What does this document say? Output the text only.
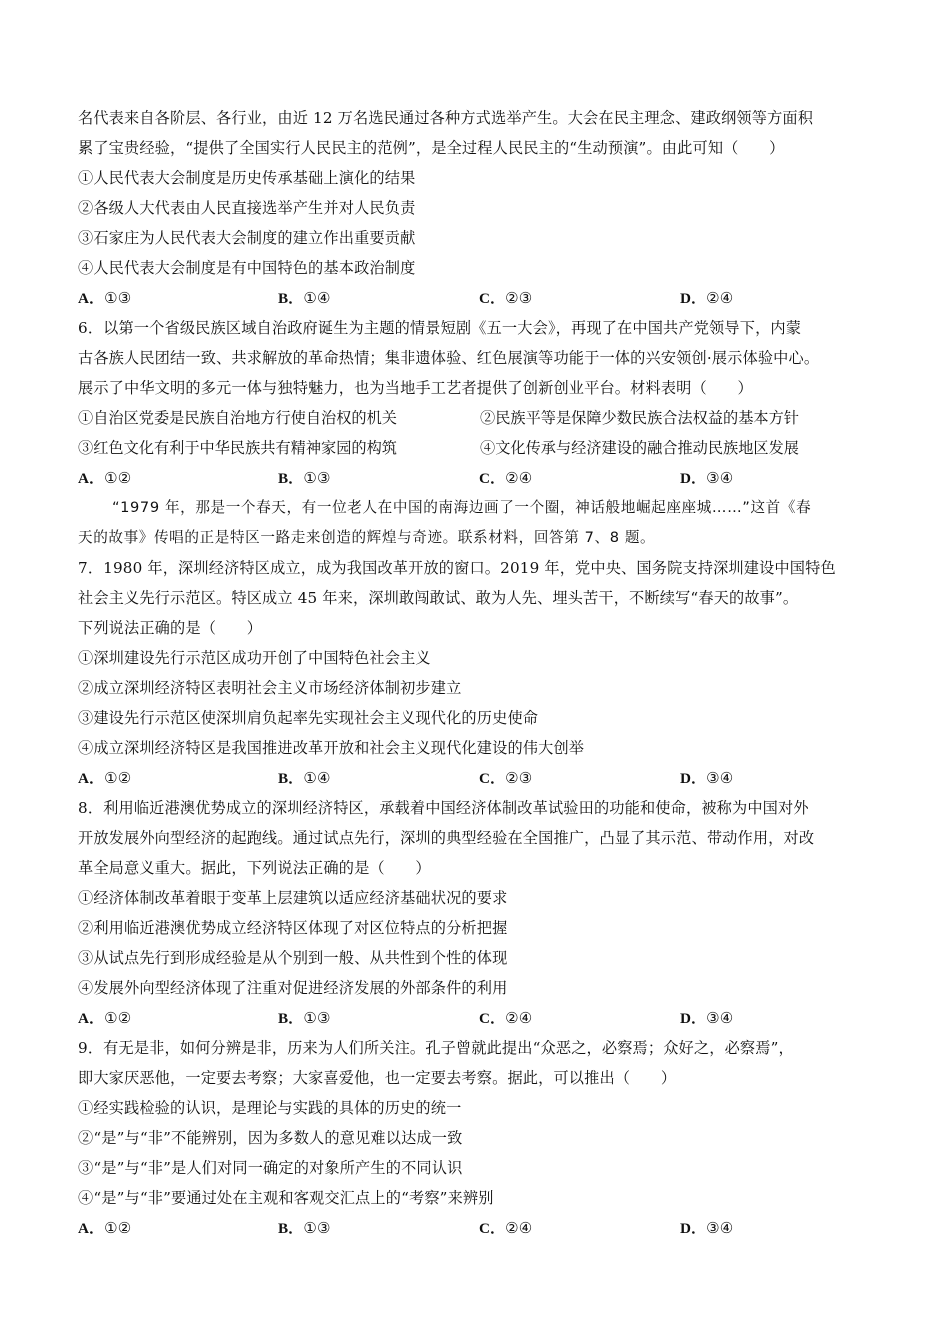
名代表来自各阶层、各行业，由近 12 万名选民通过各种方式选举产生。大会在民主理念、建政纲领等方面积
累了宝贵经验，“提供了全国实行人民民主的范例”，是全过程人民民主的“生动预演”。由此可知（　　）
①人民代表大会制度是历史传承基础上演化的结果
②各级人大代表由人民直接选举产生并对人民负责
③石家庄为人民代表大会制度的建立作出重要贡献
④人民代表大会制度是有中国特色的基本政治制度
A．①③	B．①④	C．②③	D．②④
6．以第一个省级民族区域自治政府诞生为主题的情景短剧《五一大会》，再现了在中国共产党领导下，内蒙
古各族人民团结一致、共求解放的革命热情；集非遗体验、红色展演等功能于一体的兴安领创·展示体验中心。
展示了中华文明的多元一体与独特魅力，也为当地手工艺者提供了创新创业平台。材料表明（　　）
①自治区党委是民族自治地方行使自治权的机关	②民族平等是保障少数民族合法权益的基本方针
③红色文化有利于中华民族共有精神家园的构筑	④文化传承与经济建设的融合推动民族地区发展
A．①②	B．①③	C．②④	D．③④
“1979 年，那是一个春天，有一位老人在中国的南海边画了一个圈，神话般地崛起座座城……”这首《春
天的故事》传唱的正是特区一路走来创造的辉煌与奇迹。联系材料，回答第 7、8 题。
7．1980 年，深圳经济特区成立，成为我国改革开放的窗口。2019 年，党中央、国务院支持深圳建设中国特色
社会主义先行示范区。特区成立 45 年来，深圳敢闯敢试、敢为人先、埋头苦干，不断续写“春天的故事”。
下列说法正确的是（　　）
①深圳建设先行示范区成功开创了中国特色社会主义
②成立深圳经济特区表明社会主义市场经济体制初步建立
③建设先行示范区使深圳肩负起率先实现社会主义现代化的历史使命
④成立深圳经济特区是我国推进改革开放和社会主义现代化建设的伟大创举
A．①②	B．①④	C．②③	D．③④
8．利用临近港澳优势成立的深圳经济特区，承载着中国经济体制改革试验田的功能和使命，被称为中国对外
开放发展外向型经济的起跑线。通过试点先行，深圳的典型经验在全国推广，凸显了其示范、带动作用，对改
革全局意义重大。据此，下列说法正确的是（　　）
①经济体制改革着眼于变革上层建筑以适应经济基础状况的要求
②利用临近港澳优势成立经济特区体现了对区位特点的分析把握
③从试点先行到形成经验是从个别到一般、从共性到个性的体现
④发展外向型经济体现了注重对促进经济发展的外部条件的利用
A．①②	B．①③	C．②④	D．③④
9．有无是非，如何分辨是非，历来为人们所关注。孔子曾就此提出“众恶之，必察焉；众好之，必察焉”，
即大家厌恶他，一定要去考察；大家喜爱他，也一定要去考察。据此，可以推出（　　）
①经实践检验的认识，是理论与实践的具体的历史的统一
②“是”与“非”不能辨别，因为多数人的意见难以达成一致
③“是”与“非”是人们对同一确定的对象所产生的不同认识
④“是”与“非”要通过处在主观和客观交汇点上的“考察”来辨别
A．①②	B．①③	C．②④	D．③④
